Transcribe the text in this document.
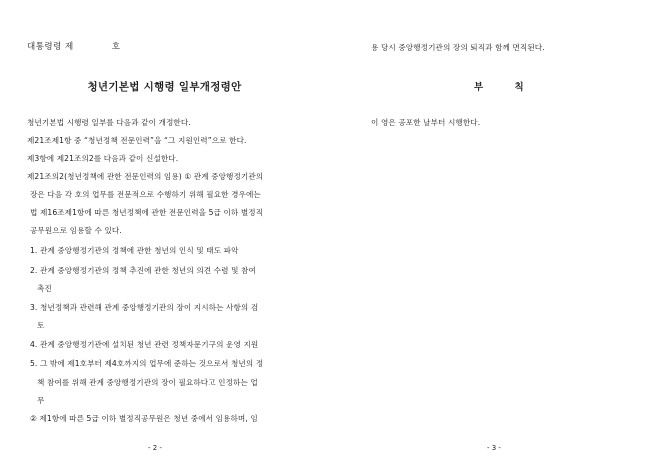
대통령령 제	호
청년기본법 시행령 일부개정령안
청년기본법 시행령 일부를 다음과 같이 개정한다.
제21조제1항 중 “청년정책 전문인력”을 “그 지원인력”으로 한다.
제3항에 제21조의2를 다음과 같이 신설한다.
제21조의2(청년정책에 관한 전문인력의 임용) ① 관계 중앙행정기관의
장은 다음 각 호의 업무를 전문적으로 수행하기 위해 필요한 경우에는
법 제16조제1항에 따른 청년정책에 관한 전문인력을 5급 이하 별정직
공무원으로 임용할 수 있다.
1. 관계 중앙행정기관의 정책에 관한 청년의 인식 및 태도 파악
2. 관계 중앙행정기관의 정책 추진에 관한 청년의 의견 수렴 및 참여
촉진
3. 청년정책과 관련해 관계 중앙행정기관의 장이 지시하는 사항의 검
토
4. 관계 중앙행정기관에 설치된 청년 관련 정책자문기구의 운영 지원
5. 그 밖에 제1호부터 제4호까지의 업무에 준하는 것으로서 청년의 정
책 참여를 위해 관계 중앙행정기관의 장이 필요하다고 인정하는 업
무
② 제1항에 따른 5급 이하 별정직공무원은 청년 중에서 임용하며, 임
- 2 -
용 당시 중앙행정기관의 장의 퇴직과 함께 면직된다.
부 칙
이 영은 공포한 날부터 시행한다.
- 3 -
